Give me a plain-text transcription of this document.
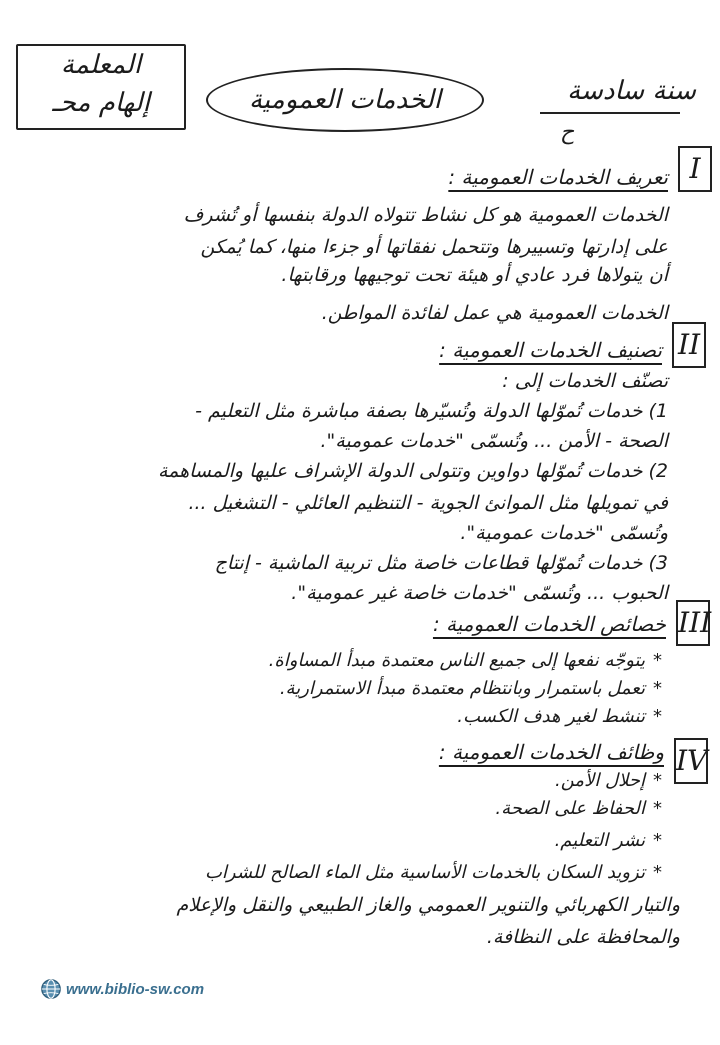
المعلمة
إلهام محـ	الخدمات العمومية	سنة سادسة
ح
I
تعريف الخدمات العمومية :
الخدمات العمومية هو كل نشاط تتولاه الدولة بنفسها أو تُشرف
على إدارتها وتسييرها وتتحمل نفقاتها أو جزءا منها، كما يُمكن
أن يتولاها فرد عادي أو هيئة تحت توجيهها ورقابتها.
الخدمات العمومية هي عمل لفائدة المواطن.
II
تصنيف الخدمات العمومية :
تصنّف الخدمات إلى :
1) خدمات تُموّلها الدولة وتُسيّرها بصفة مباشرة مثل التعليم -
الصحة - الأمن ... وتُسمّى "خدمات عمومية".
2) خدمات تُموّلها دواوين وتتولى الدولة الإشراف عليها والمساهمة
في تمويلها مثل الموانئ الجوية - التنظيم العائلي - التشغيل ...
وتُسمّى "خدمات عمومية".
3) خدمات تُموّلها قطاعات خاصة مثل تربية الماشية - إنتاج
الحبوب ... وتُسمّى "خدمات خاصة غير عمومية".
III
خصائص الخدمات العمومية :
*يتوجّه نفعها إلى جميع الناس معتمدة مبدأ المساواة.
*تعمل باستمرار وبانتظام معتمدة مبدأ الاستمرارية.
*تنشط لغير هدف الكسب.
IV
وظائف الخدمات العمومية :
*إحلال الأمن.
*الحفاظ على الصحة.
*نشر التعليم.
*تزويد السكان بالخدمات الأساسية مثل الماء الصالح للشراب
والتيار الكهربائي والتنوير العمومي والغاز الطبيعي والنقل والإعلام
والمحافظة على النظافة.
www.biblio-sw.com
